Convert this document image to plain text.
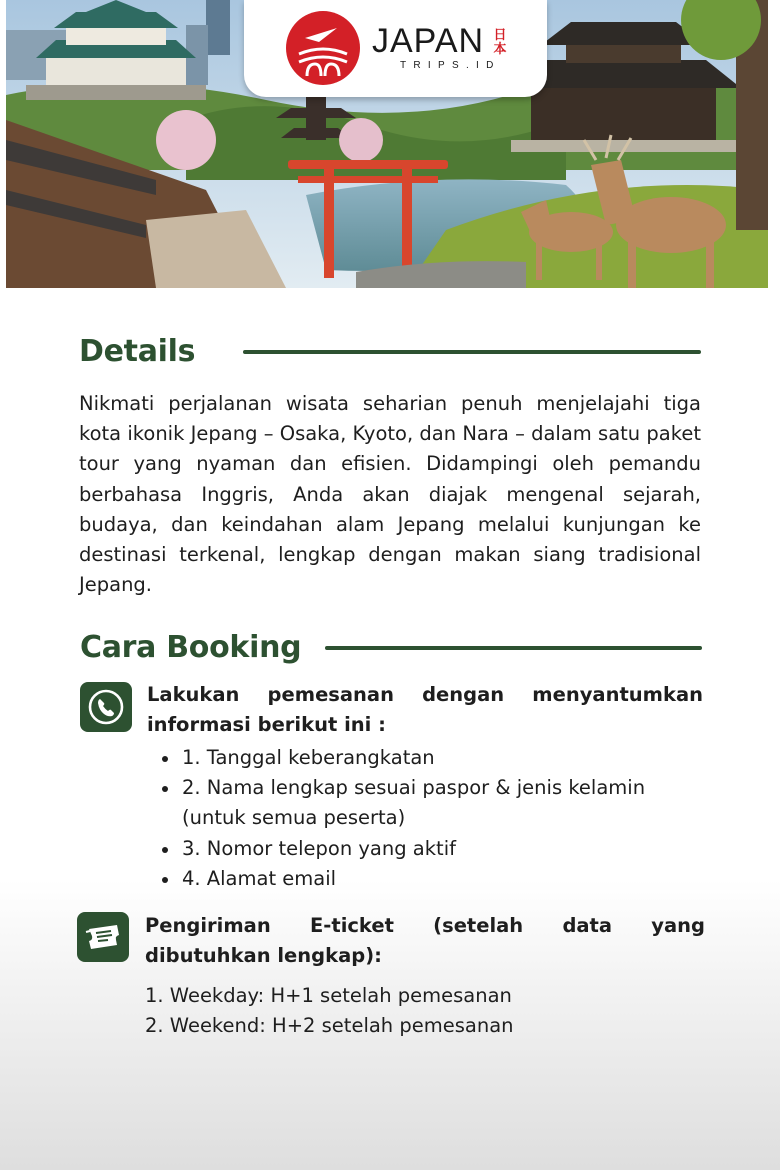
JAPAN 日本
TRIPS.ID
Details

Nikmati perjalanan wisata seharian penuh menjelajahi tiga kota ikonik Jepang – Osaka, Kyoto, dan Nara – dalam satu paket tour yang nyaman dan efisien. Didampingi oleh pemandu berbahasa Inggris, Anda akan diajak mengenal sejarah, budaya, dan keindahan alam Jepang melalui kunjungan ke destinasi terkenal, lengkap dengan makan siang tradisional Jepang.

Cara Booking
Lakukan pemesanan dengan menyantumkan informasi berikut ini :
1. Tanggal keberangkatan
2. Nama lengkap sesuai paspor & jenis kelamin (untuk semua peserta)
3. Nomor telepon yang aktif
4. Alamat email
Pengiriman E-ticket (setelah data yang dibutuhkan lengkap):
1. Weekday: H+1 setelah pemesanan
2. Weekend: H+2 setelah pemesanan
